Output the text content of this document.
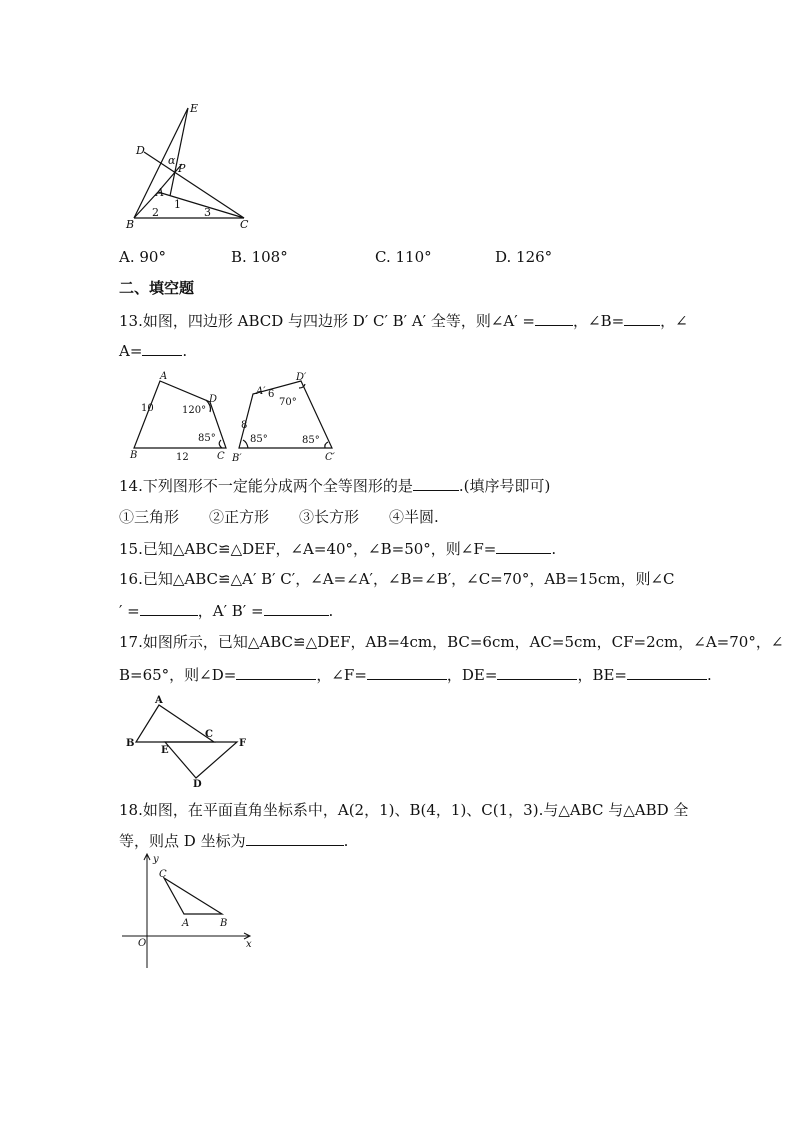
E
D
α
P
A
1
B
2	3
C
A. 90°	B. 108°	C. 110°	D. 126°
二、填空题
13.如图，四边形 ABCD 与四边形 D′ C′ B′ A′ 全等，则∠A′ =	，∠B= ，∠
A=	.
A
D
B	C
A′
D′
B′	C′
10
12
120°
85°
6
8
70°
85°	85°
14.下列图形不一定能分成两个全等图形的是	.(填序号即可)
①三角形　　②正方形　　③长方形　　④半圆.
15.已知△ABC≌△DEF，∠A=40°，∠B=50°，则∠F=	.
16.已知△ABC≌△A′ B′ C′，∠A=∠A′，∠B=∠B′，∠C=70°，AB=15cm，则∠C
′ =	，A′ B′ =	.
17.如图所示，已知△ABC≌△DEF，AB=4cm，BC=6cm，AC=5cm，CF=2cm，∠A=70°，∠
B=65°，则∠D=	，∠F=	，DE=	，BE=	.
A
B
E
C
F
D
18.如图，在平面直角坐标系中，A(2，1)、B(4，1)、C(1，3).与△ABC 与△ABD 全
等，则点 D 坐标为	.
y
x
O
A	B
C
